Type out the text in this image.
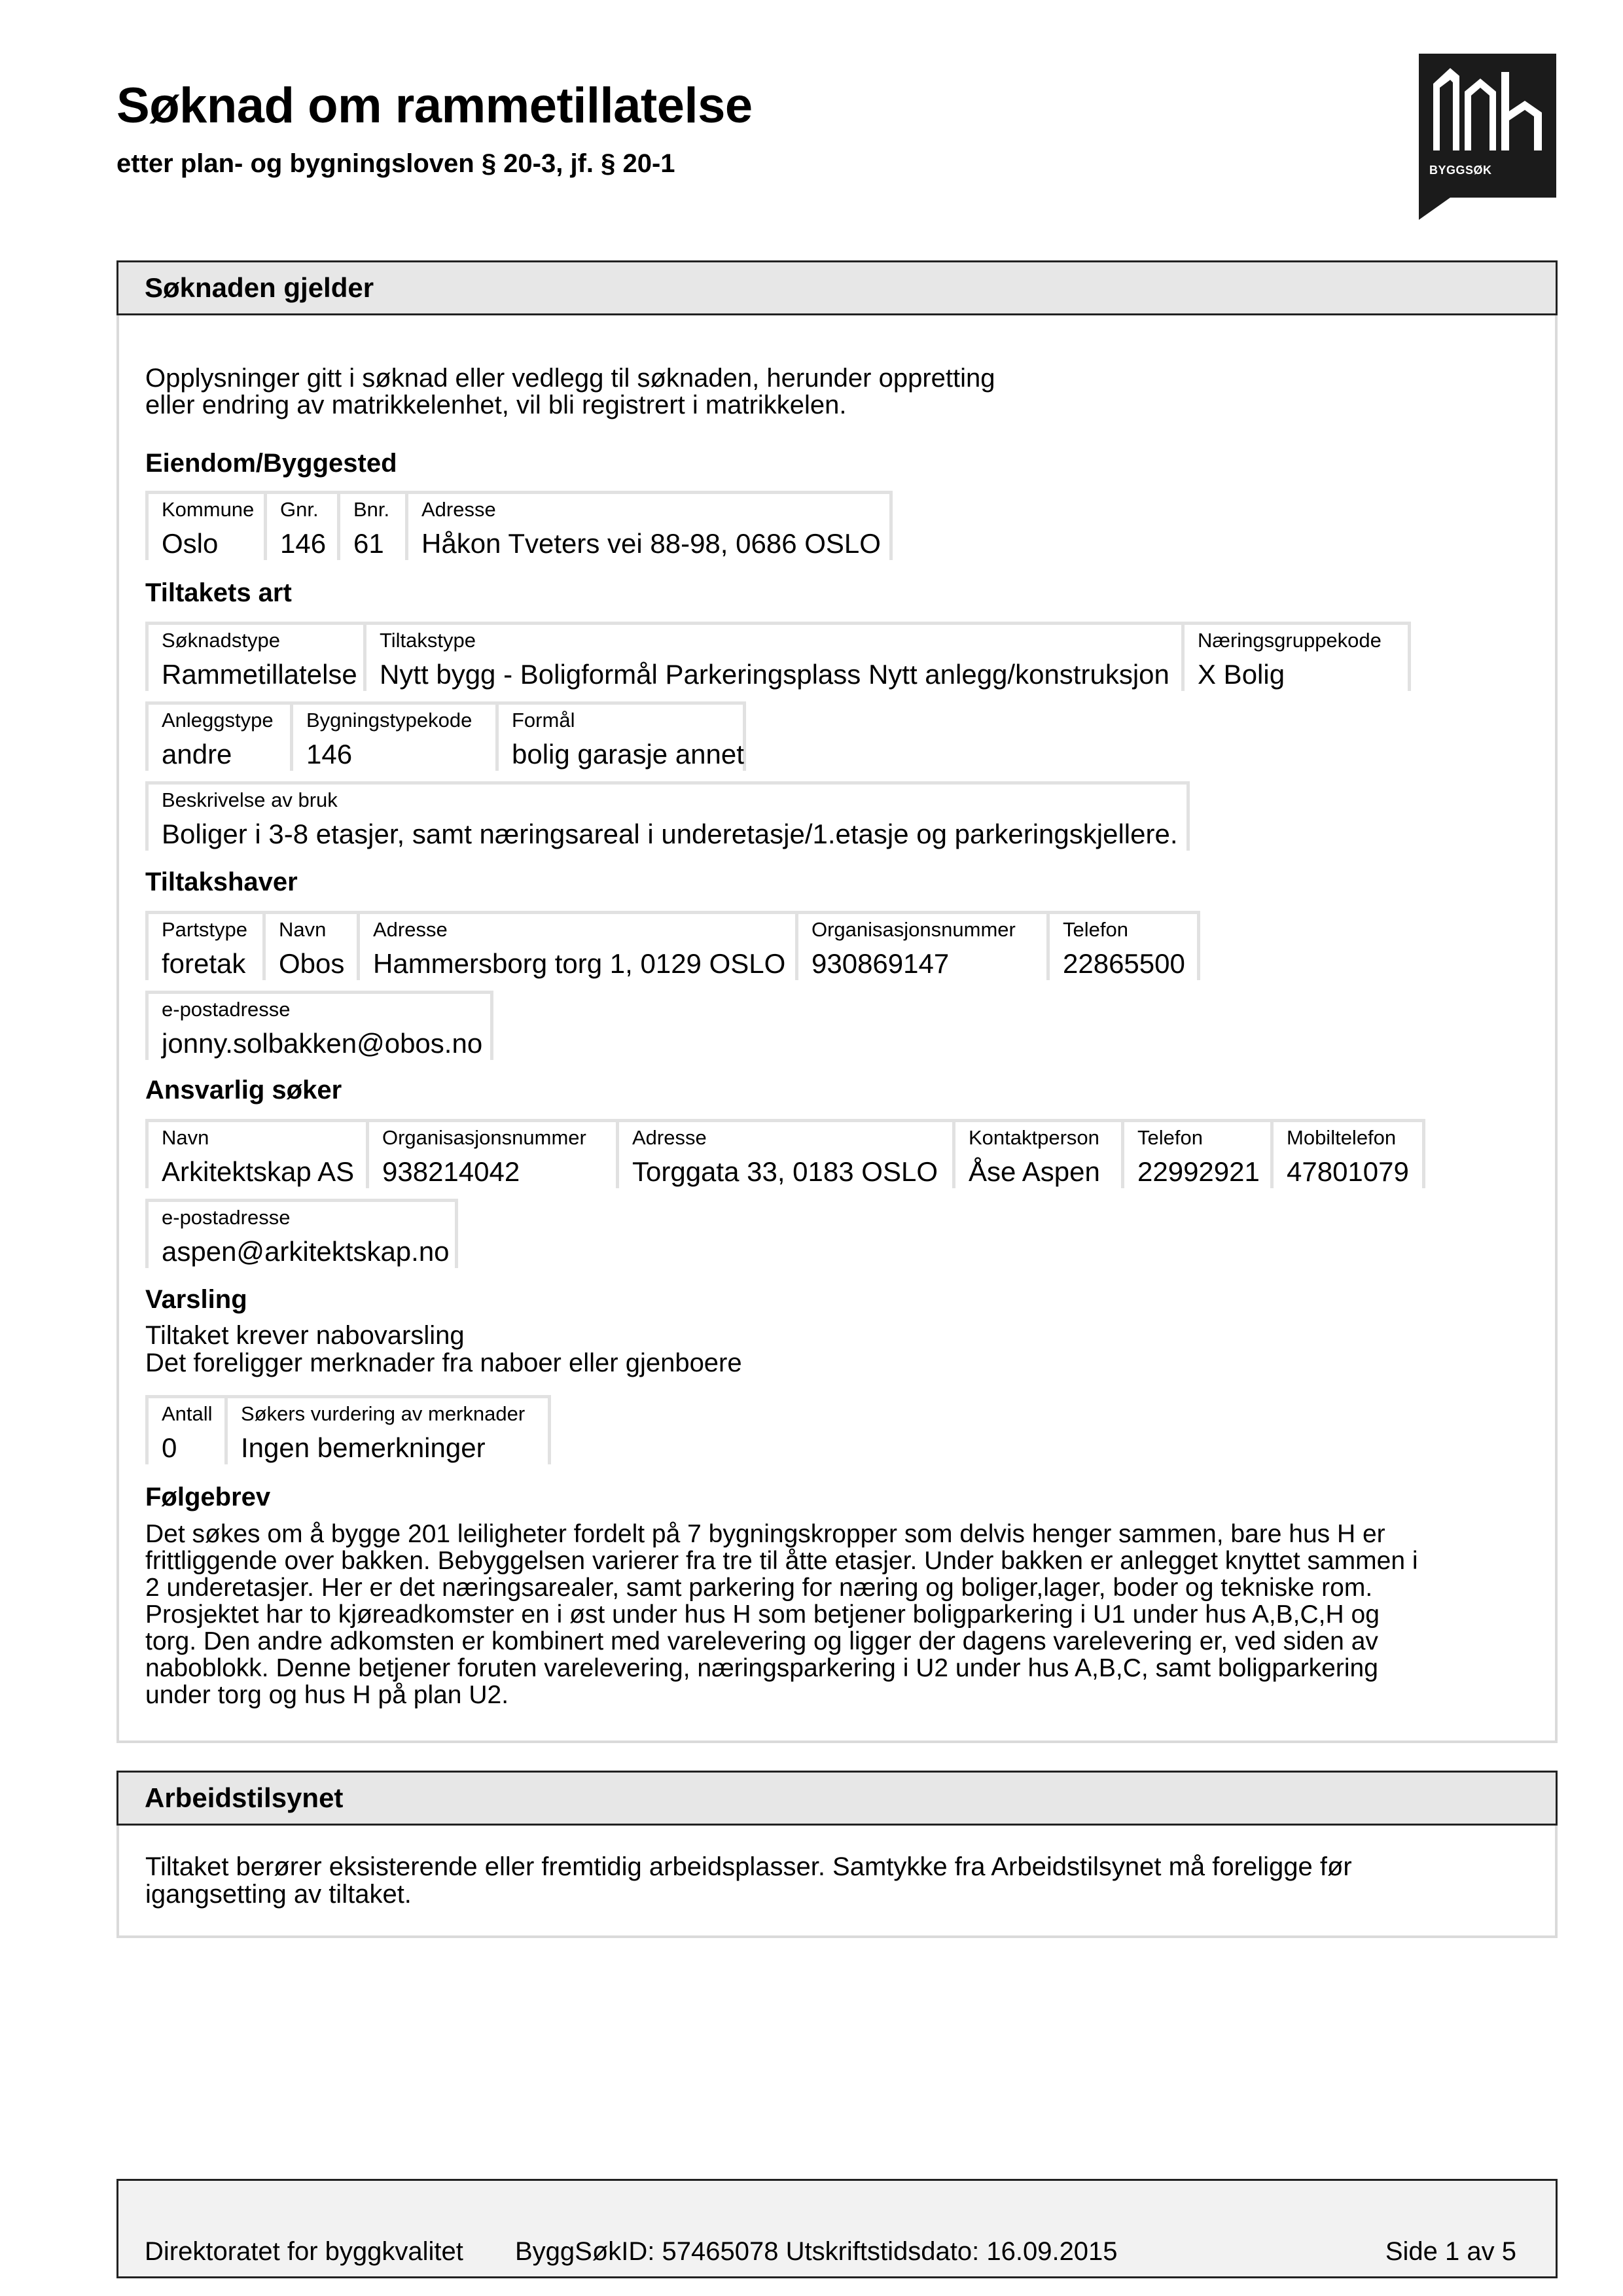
Søknad om rammetillatelse
etter plan- og bygningsloven § 20-3, jf. § 20-1	BYGGSØK
Søknaden gjelder
Opplysninger gitt i søknad eller vedlegg til søknaden, herunder oppretting
eller endring av matrikkelenhet, vil bli registrert i matrikkelen.
Eiendom/Byggested
Kommune
Oslo
Gnr.
146
Bnr.
61
Adresse
Håkon Tveters vei 88-98, 0686 OSLO
Tiltakets art
Søknadstype
Rammetillatelse
Tiltakstype
Nytt bygg - Boligformål Parkeringsplass Nytt anlegg/konstruksjon
Næringsgruppekode
X Bolig
Anleggstype
andre
Bygningstypekode
146
Formål
bolig garasje annet
Beskrivelse av bruk
Boliger i 3-8 etasjer, samt næringsareal i underetasje/1.etasje og parkeringskjellere.
Tiltakshaver
Partstype
foretak
Navn
Obos
Adresse
Hammersborg torg 1, 0129 OSLO
Organisasjonsnummer
930869147
Telefon
22865500
e-postadresse
jonny.solbakken@obos.no
Ansvarlig søker
Navn
Arkitektskap AS
Organisasjonsnummer
938214042
Adresse
Torggata 33, 0183 OSLO
Kontaktperson
Åse Aspen
Telefon
22992921
Mobiltelefon
47801079
e-postadresse
aspen@arkitektskap.no
Varsling
Tiltaket krever nabovarsling
Det foreligger merknader fra naboer eller gjenboere
Antall
0
Søkers vurdering av merknader
Ingen bemerkninger
Følgebrev
Det søkes om å bygge 201 leiligheter fordelt på 7 bygningskropper som delvis henger sammen, bare hus H er
frittliggende over bakken. Bebyggelsen varierer fra tre til åtte etasjer. Under bakken er anlegget knyttet sammen i
2 underetasjer. Her er det næringsarealer, samt parkering for næring og boliger,lager, boder og tekniske rom.
Prosjektet har to kjøreadkomster en i øst under hus H som betjener boligparkering i U1 under hus A,B,C,H og
torg. Den andre adkomsten er kombinert med varelevering og ligger der dagens varelevering er, ved siden av
naboblokk. Denne betjener foruten varelevering, næringsparkering i U2 under hus A,B,C, samt boligparkering
under torg og hus H på plan U2.
Arbeidstilsynet
Tiltaket berører eksisterende eller fremtidig arbeidsplasser. Samtykke fra Arbeidstilsynet må foreligge før
igangsetting av tiltaket.
Direktoratet for byggkvalitet ByggSøkID: 57465078 Utskriftstidsdato: 16.09.2015	Side 1 av 5
